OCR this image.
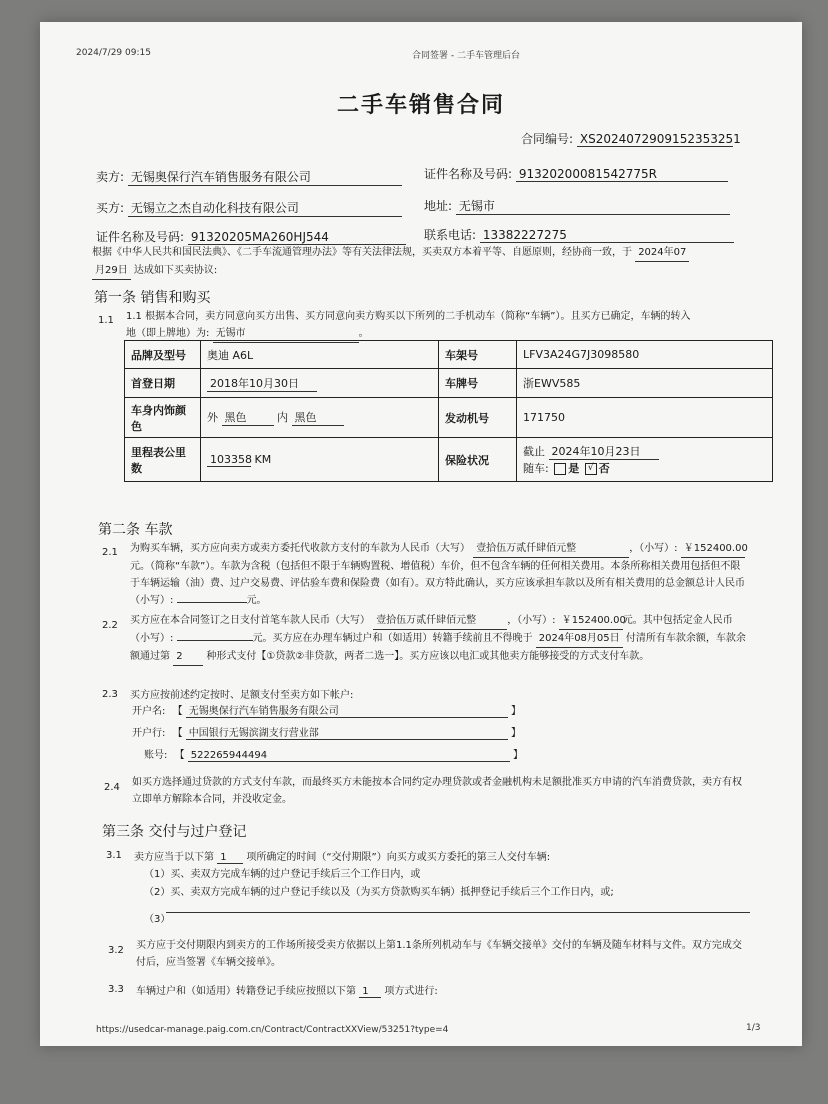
2024/7/29 09:15	合同签署 - 二手车管理后台
二手车销售合同
合同编号: XS2024072909152353251
卖方: 无锡奥保行汽车销售服务有限公司	证件名称及号码: 91320200081542775R
买方: 无锡立之杰自动化科技有限公司	地址: 无锡市
证件名称及号码: 91320205MA260HJ544	联系电话: 13382227275

根据《中华人民共和国民法典》、《二手车流通管理办法》等有关法律法规，买卖双方本着平等、自愿原则，经协商一致，于 2024年07
月29日 达成如下买卖协议:

第一条 销售和购买
1.1 1.1 根据本合同，卖方同意向买方出售、买方同意向卖方购买以下所列的二手机动车（简称“车辆”）。且买方已确定，车辆的转入
地（即上牌地）为: 无锡市	。

品牌及型号	奥迪 A6L	车架号	LFV3A24G7J3098580
首登日期	2018年10月30日	车牌号	浙EWV585
车身内饰颜色	外 黑色 内 黑色	发动机号	171750
里程表公里数	103358 KM	保险状况	截止 2024年10月23日
随车: 是 √ 否
第二条 车款
2.1 为购买车辆，买方应向卖方或卖方委托代收款方支付的车款为人民币（大写） 壹拾伍万贰仟肆佰元整	，（小写）: ￥152400.00元。（简称“车款”）。车款为含税（包括但不限于车辆购置税、增值税）车价，但不包含车辆的任何相关费用。本条所称相关费用包括但不限于车辆运输（油）费、过户交易费、评估验车费和保险费（如有）。双方特此确认，买方应该承担车款以及所有相关费用的总金额总计人民币（小写）:	元。

2.2 买方应在本合同签订之日支付首笔车款人民币（大写） 壹拾伍万贰仟肆佰元整	，（小写）: ￥152400.00元。其中包括定金人民币（小写）:	元。买方应在办理车辆过户和（如适用）转籍手续前且不得晚于 2024年08月05日 付清所有车款余额，车款余额通过第 2 种形式支付【①贷款②非贷款，两者二选一】。买方应该以电汇或其他卖方能够接受的方式支付车款。

2.3 买方应按前述约定按时、足额支付至卖方如下帐户:
开户名: 【 无锡奥保行汽车销售服务有限公司	】
开户行: 【 中国银行无锡滨湖支行营业部	】
账号: 【 522265944494	】
2.4 如买方选择通过贷款的方式支付车款，而最终买方未能按本合同约定办理贷款或者金融机构未足额批准买方申请的汽车消费贷款，卖方有权立即单方解除本合同，并没收定金。

第三条 交付与过户登记
3.1 卖方应当于以下第 1 项所确定的时间（“交付期限”）向买方或买方委托的第三人交付车辆:
（1）买、卖双方完成车辆的过户登记手续后三个工作日内，或
（2）买、卖双方完成车辆的过户登记手续以及（为买方贷款购买车辆）抵押登记手续后三个工作日内，或;
（3）
3.2 买方应于交付期限内到卖方的工作场所接受卖方依据以上第1.1条所列机动车与《车辆交接单》交付的车辆及随车材料与文件。双方完成交付后，应当签署《车辆交接单》。

3.3 车辆过户和（如适用）转籍登记手续应按照以下第 1 项方式进行:
https://usedcar-manage.paig.com.cn/Contract/ContractXXView/53251?type=4	1/3
